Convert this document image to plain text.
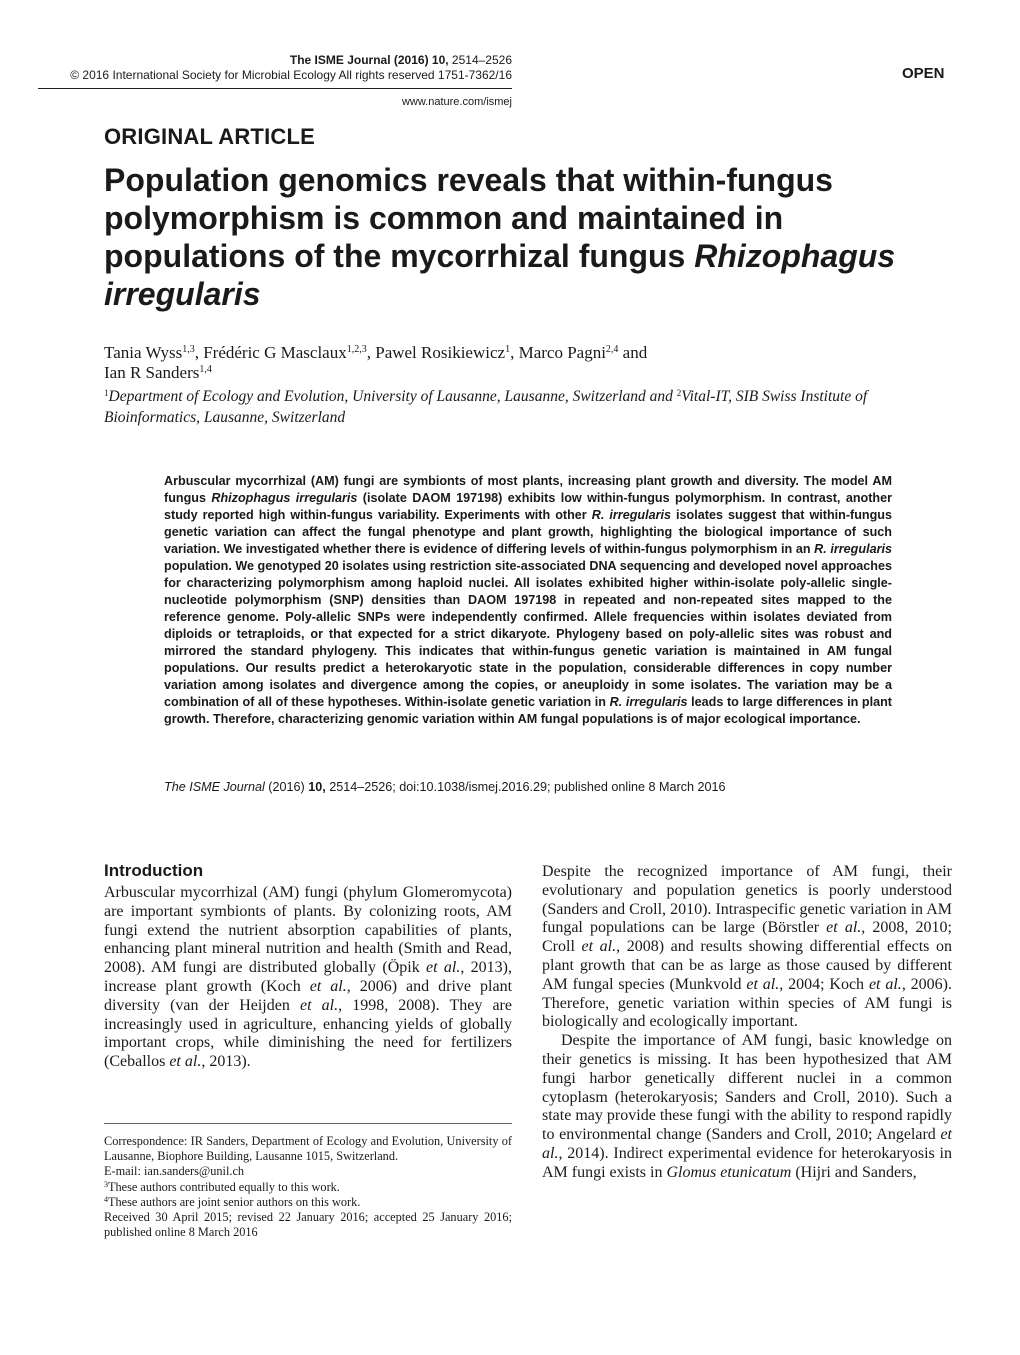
The ISME Journal (2016) 10, 2514–2526
© 2016 International Society for Microbial Ecology All rights reserved 1751-7362/16
www.nature.com/ismej
OPEN
ORIGINAL ARTICLE
Population genomics reveals that within-fungus polymorphism is common and maintained in populations of the mycorrhizal fungus Rhizophagus irregularis
Tania Wyss$^{1,3}$, Frédéric G Masclaux$^{1,2,3}$, Pawel Rosikiewicz$^1$, Marco Pagni$^{2,4}$ and
Ian R Sanders$^{1,4}$
$^1$Department of Ecology and Evolution, University of Lausanne, Lausanne, Switzerland and $^2$Vital-IT, SIB Swiss Institute of Bioinformatics, Lausanne, Switzerland
Arbuscular mycorrhizal (AM) fungi are symbionts of most plants, increasing plant growth and diversity. The model AM fungus Rhizophagus irregularis (isolate DAOM 197198) exhibits low within-fungus polymorphism. In contrast, another study reported high within-fungus variability. Experiments with other R. irregularis isolates suggest that within-fungus genetic variation can affect the fungal phenotype and plant growth, highlighting the biological importance of such variation. We investigated whether there is evidence of differing levels of within-fungus polymorphism in an R. irregularis population. We genotyped 20 isolates using restriction site-associated DNA sequencing and developed novel approaches for characterizing polymorphism among haploid nuclei. All isolates exhibited higher within-isolate poly-allelic single-nucleotide polymorphism (SNP) densities than DAOM 197198 in repeated and non-repeated sites mapped to the reference genome. Poly-allelic SNPs were independently confirmed. Allele frequencies within isolates deviated from diploids or tetraploids, or that expected for a strict dikaryote. Phylogeny based on poly-allelic sites was robust and mirrored the standard phylogeny. This indicates that within-fungus genetic variation is maintained in AM fungal populations. Our results predict a heterokaryotic state in the population, considerable differences in copy number variation among isolates and divergence among the copies, or aneuploidy in some isolates. The variation may be a combination of all of these hypotheses. Within-isolate genetic variation in R. irregularis leads to large differences in plant growth. Therefore, characterizing genomic variation within AM fungal populations is of major ecological importance.
The ISME Journal (2016) 10, 2514–2526; doi:10.1038/ismej.2016.29; published online 8 March 2016
Introduction

Arbuscular mycorrhizal (AM) fungi (phylum Glomeromycota) are important symbionts of plants. By colonizing roots, AM fungi extend the nutrient absorption capabilities of plants, enhancing plant mineral nutrition and health (Smith and Read, 2008). AM fungi are distributed globally (Öpik et al., 2013), increase plant growth (Koch et al., 2006) and drive plant diversity (van der Heijden et al., 1998, 2008). They are increasingly used in agriculture, enhancing yields of globally important crops, while diminishing the need for fertilizers (Ceballos et al., 2013).

Despite the recognized importance of AM fungi, their evolutionary and population genetics is poorly understood (Sanders and Croll, 2010). Intraspecific genetic variation in AM fungal populations can be large (Börstler et al., 2008, 2010; Croll et al., 2008) and results showing differential effects on plant growth that can be as large as those caused by different AM fungal species (Munkvold et al., 2004; Koch et al., 2006). Therefore, genetic variation within species of AM fungi is biologically and ecologically important.

Despite the importance of AM fungi, basic knowledge on their genetics is missing. It has been hypothesized that AM fungi harbor genetically different nuclei in a common cytoplasm (heterokaryosis; Sanders and Croll, 2010). Such a state may provide these fungi with the ability to respond rapidly to environmental change (Sanders and Croll, 2010; Angelard et al., 2014). Indirect experimental evidence for heterokaryosis in AM fungi exists in Glomus etunicatum (Hijri and Sanders,

Correspondence: IR Sanders, Department of Ecology and Evolution, University of Lausanne, Biophore Building, Lausanne 1015, Switzerland.

E-mail: ian.sanders@unil.ch

$^3$These authors contributed equally to this work.

$^4$These authors are joint senior authors on this work.

Received 30 April 2015; revised 22 January 2016; accepted 25 January 2016; published online 8 March 2016
